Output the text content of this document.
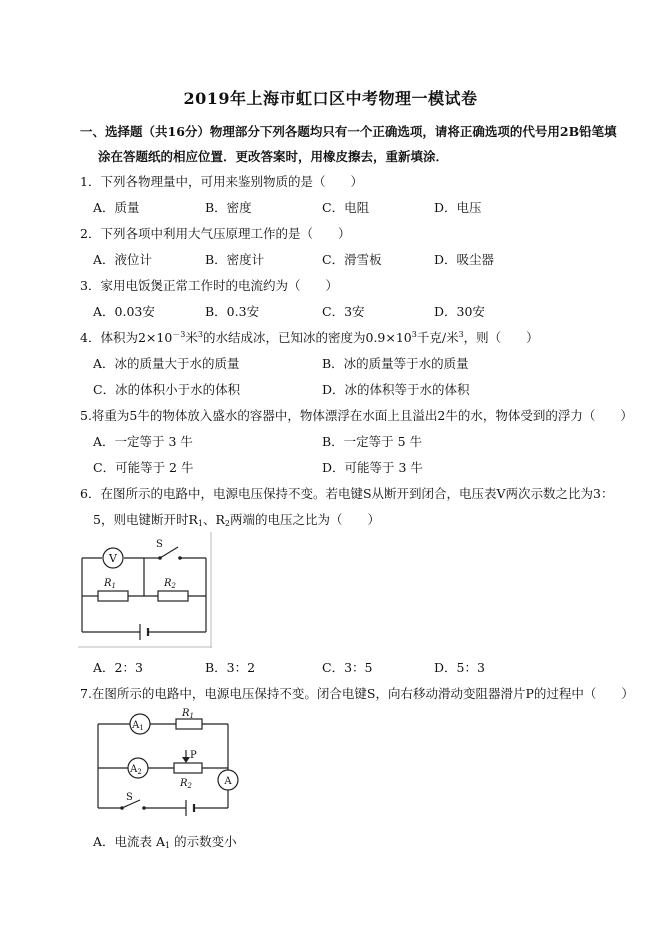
2019年上海市虹口区中考物理一模试卷
一、选择题（共16分）物理部分下列各题均只有一个正确选项，请将正确选项的代号用2B铅笔填
涂在答题纸的相应位置．更改答案时，用橡皮擦去，重新填涂．
1．下列各物理量中，可用来鉴别物质的是（　　）
A．质量	B．密度	C．电阻	D．电压
2．下列各项中利用大气压原理工作的是（　　）
A．液位计	B．密度计	C．滑雪板	D．吸尘器
3．家用电饭煲正常工作时的电流约为（　　）
A．0.03安	B．0.3安	C．3安	D．30安
4．体积为$2\times 10^{-3}$米$^3$的水结成冰，已知冰的密度为$0.9\times 10^3$千克/米$^3$，则（　　）
A．冰的质量大于水的质量	B．冰的质量等于水的质量
C．冰的体积小于水的体积	D．冰的体积等于水的体积
5.将重为5牛的物体放入盛水的容器中，物体漂浮在水面上且溢出2牛的水，物体受到的浮力（　　）
A．一定等于 3 牛	B．一定等于 5 牛
C．可能等于 2 牛	D．可能等于 3 牛
6．在图所示的电路中，电源电压保持不变。若电键S从断开到闭合，电压表V两次示数之比为3：
5，则电键断开时$R_1$、$R_2$两端的电压之比为（　　）
V
S
$R_1$	$R_2$
A．2：3	B．3：2	C．3：5	D．5：3
7.在图所示的电路中，电源电压保持不变。闭合电键S，向右移动滑动变阻器滑片P的过程中（　　）
$A_1$
$A_2$
A
$R_1$
P
$R_2$
S
A．电流表 $A_1$ 的示数变小
